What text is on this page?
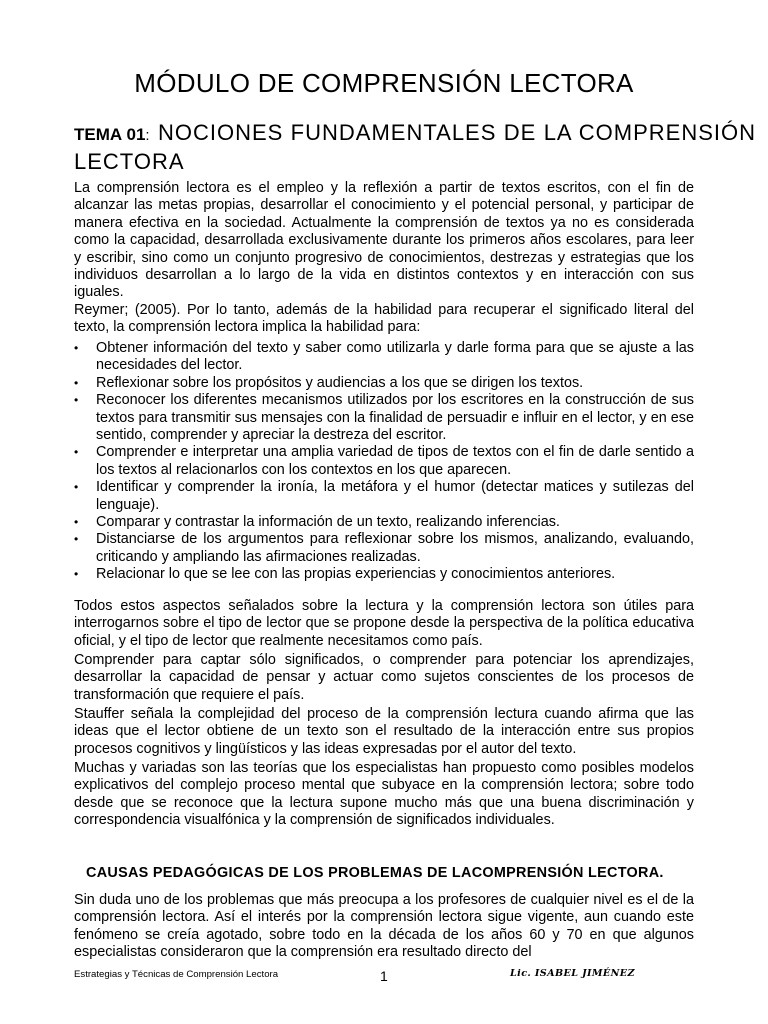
MÓDULO DE COMPRENSIÓN LECTORA

TEMA 01: NOCIONES FUNDAMENTALES DE LA COMPRENSIÓN LECTORA

La comprensión lectora es el empleo y la reflexión a partir de textos escritos, con el fin de alcanzar las metas propias, desarrollar el conocimiento y el potencial personal, y participar de manera efectiva en la sociedad. Actualmente la comprensión de textos ya no es considerada como la capacidad, desarrollada exclusivamente durante los primeros años escolares, para leer y escribir, sino como un conjunto progresivo de conocimientos, destrezas y estrategias que los individuos desarrollan a lo largo de la vida en distintos contextos y en interacción con sus iguales.

Reymer; (2005). Por lo tanto, además de la habilidad para recuperar el significado literal del texto, la comprensión lectora implica la habilidad para:

• Obtener información del texto y saber como utilizarla y darle forma para que se ajuste a las necesidades del lector.
• Reflexionar sobre los propósitos y audiencias a los que se dirigen los textos.
• Reconocer los diferentes mecanismos utilizados por los escritores en la construcción de sus textos para transmitir sus mensajes con la finalidad de persuadir e influir en el lector, y en ese sentido, comprender y apreciar la destreza del escritor.
• Comprender e interpretar una amplia variedad de tipos de textos con el fin de darle sentido a los textos al relacionarlos con los contextos en los que aparecen.
• Identificar y comprender la ironía, la metáfora y el humor (detectar matices y sutilezas del lenguaje).
• Comparar y contrastar la información de un texto, realizando inferencias.
• Distanciarse de los argumentos para reflexionar sobre los mismos, analizando, evaluando, criticando y ampliando las afirmaciones realizadas.
• Relacionar lo que se lee con las propias experiencias y conocimientos anteriores.

Todos estos aspectos señalados sobre la lectura y la comprensión lectora son útiles para interrogarnos sobre el tipo de lector que se propone desde la perspectiva de la política educativa oficial, y el tipo de lector que realmente necesitamos como país.

Comprender para captar sólo significados, o comprender para potenciar los aprendizajes, desarrollar la capacidad de pensar y actuar como sujetos conscientes de los procesos de transformación que requiere el país.

Stauffer señala la complejidad del proceso de la comprensión lectura cuando afirma que las ideas que el lector obtiene de un texto son el resultado de la interacción entre sus propios procesos cognitivos y lingüísticos y las ideas expresadas por el autor del texto.

Muchas y variadas son las teorías que los especialistas han propuesto como posibles modelos explicativos del complejo proceso mental que subyace en la comprensión lectora; sobre todo desde que se reconoce que la lectura supone mucho más que una buena discriminación y correspondencia visualfónica y la comprensión de significados individuales.

CAUSAS PEDAGÓGICAS DE LOS PROBLEMAS DE LACOMPRENSIÓN LECTORA.

Sin duda uno de los problemas que más preocupa a los profesores de cualquier nivel es el de la comprensión lectora. Así el interés por la comprensión lectora sigue vigente, aun cuando este fenómeno se creía agotado, sobre todo en la década de los años 60 y 70 en que algunos especialistas consideraron que la comprensión era resultado directo del

Estrategias y Técnicas de Comprensión Lectora	1	Lic. ISABEL JIMÉNEZ
